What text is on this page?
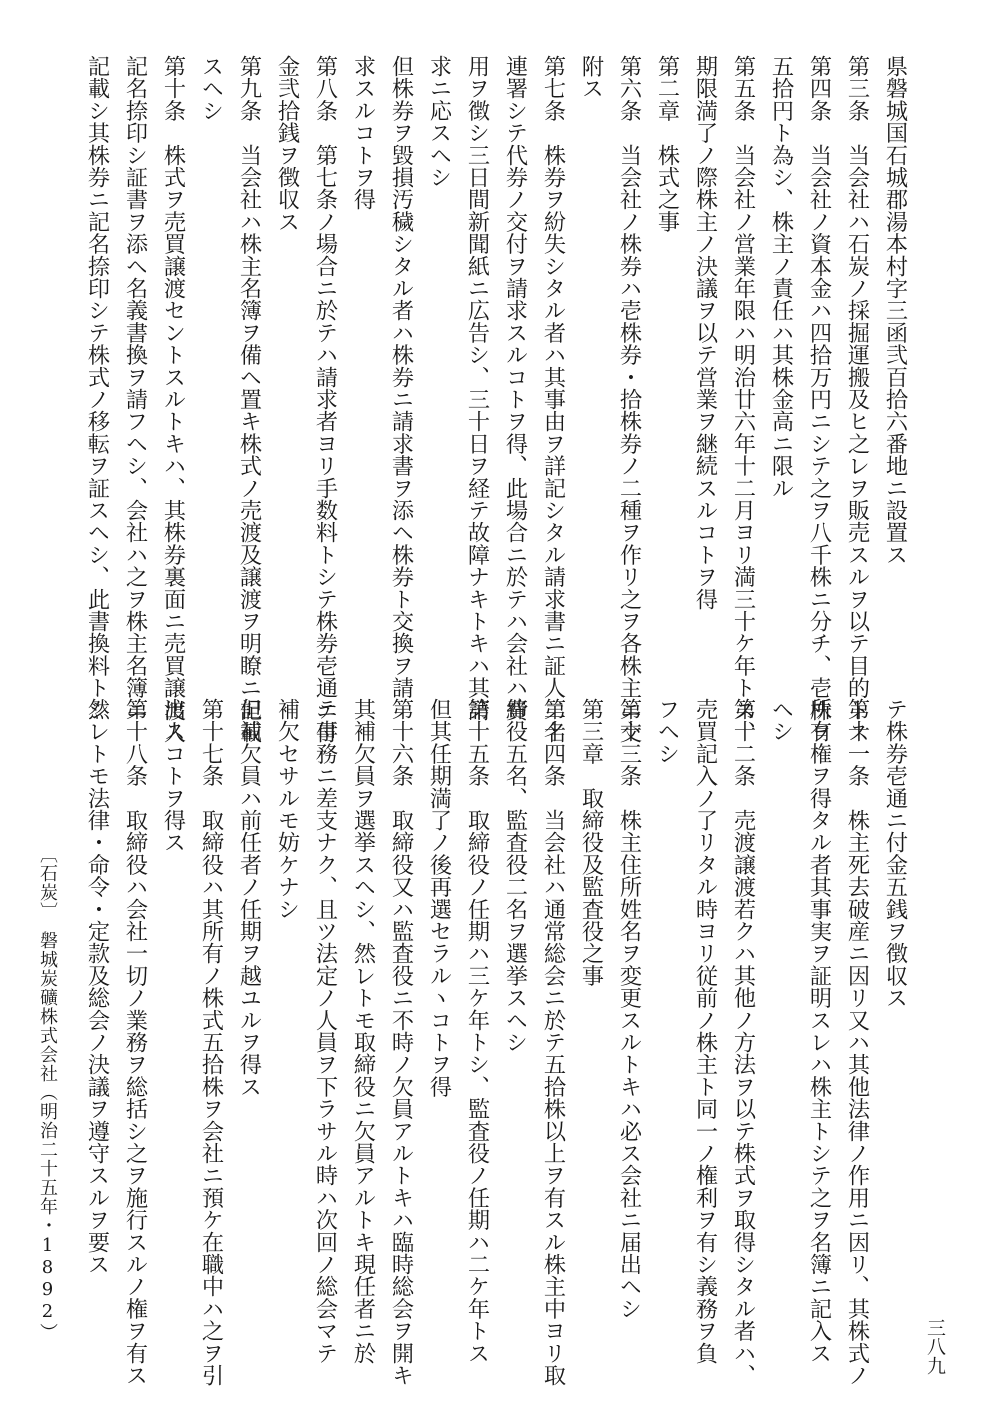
県磐城国石城郡湯本村字三函弐百拾六番地ニ設置ス
第三条　当会社ハ石炭ノ採掘運搬及ヒ之レヲ販売スルヲ以テ目的トス
第四条　当会社ノ資本金ハ四拾万円ニシテ之ヲ八千株ニ分チ、壱株ヲ
五拾円ト為シ、株主ノ責任ハ其株金高ニ限ル
第五条　当会社ノ営業年限ハ明治廿六年十二月ヨリ満三十ケ年トス、
期限満了ノ際株主ノ決議ヲ以テ営業ヲ継続スルコトヲ得
第二章　株式之事
第六条　当会社ノ株券ハ壱株券・拾株券ノ二種ヲ作リ之ヲ各株主ニ交
附ス
第七条　株券ヲ紛失シタル者ハ其事由ヲ詳記シタル請求書ニ証人二名
連署シテ代券ノ交付ヲ請求スルコトヲ得、此場合ニ於テハ会社ハ費
用ヲ徴シ三日間新聞紙ニ広告シ、三十日ヲ経テ故障ナキトキハ其請
求ニ応スヘシ
但株券ヲ毀損汚穢シタル者ハ株券ニ請求書ヲ添ヘ株券ト交換ヲ請
求スルコトヲ得
第八条　第七条ノ場合ニ於テハ請求者ヨリ手数料トシテ株券壱通ニ付
金弐拾銭ヲ徴収ス
第九条　当会社ハ株主名簿ヲ備ヘ置キ株式ノ売渡及譲渡ヲ明瞭ニ記載
スヘシ
第十条　株式ヲ売買譲渡セントスルトキハ、其株券裏面ニ売買譲渡人
記名捺印シ証書ヲ添ヘ名義書換ヲ請フヘシ、会社ハ之ヲ株主名簿ニ
記載シ其株券ニ記名捺印シテ株式ノ移転ヲ証スヘシ、此書換料トシ
テ株券壱通ニ付金五銭ヲ徴収ス
第十一条　株主死去破産ニ因リ又ハ其他法律ノ作用ニ因リ、其株式ノ
所有権ヲ得タル者其事実ヲ証明スレハ株主トシテ之ヲ名簿ニ記入ス
ヘシ
第十二条　売渡譲渡若クハ其他ノ方法ヲ以テ株式ヲ取得シタル者ハ、
売買記入ノ了リタル時ヨリ従前ノ株主ト同一ノ権利ヲ有シ義務ヲ負
フヘシ
第十三条　株主住所姓名ヲ変更スルトキハ必ス会社ニ届出ヘシ
第三章　取締役及監査役之事
第十四条　当会社ハ通常総会ニ於テ五拾株以上ヲ有スル株主中ヨリ取
締役五名、監査役二名ヲ選挙スヘシ
第十五条　取締役ノ任期ハ三ケ年トシ、監査役ノ任期ハ二ケ年トス
但其任期満了ノ後再選セラルヽコトヲ得
第十六条　取締役又ハ監査役ニ不時ノ欠員アルトキハ臨時総会ヲ開キ
其補欠員ヲ選挙スヘシ、然レトモ取締役ニ欠員アルトキ現任者ニ於
テ事務ニ差支ナク、且ツ法定ノ人員ヲ下ラサル時ハ次回ノ総会マテ
補欠セサルモ妨ケナシ
但補欠員ハ前任者ノ任期ヲ越ユルヲ得ス
第十七条　取締役ハ其所有ノ株式五拾株ヲ会社ニ預ケ在職中ハ之ヲ引
出スコトヲ得ス
第十八条　取締役ハ会社一切ノ業務ヲ総括シ之ヲ施行スルノ権ヲ有ス
然レトモ法律・命令・定款及総会ノ決議ヲ遵守スルヲ要ス
〔石炭〕　磐城炭礦株式会社（明治二十五年・1892）
三八九
